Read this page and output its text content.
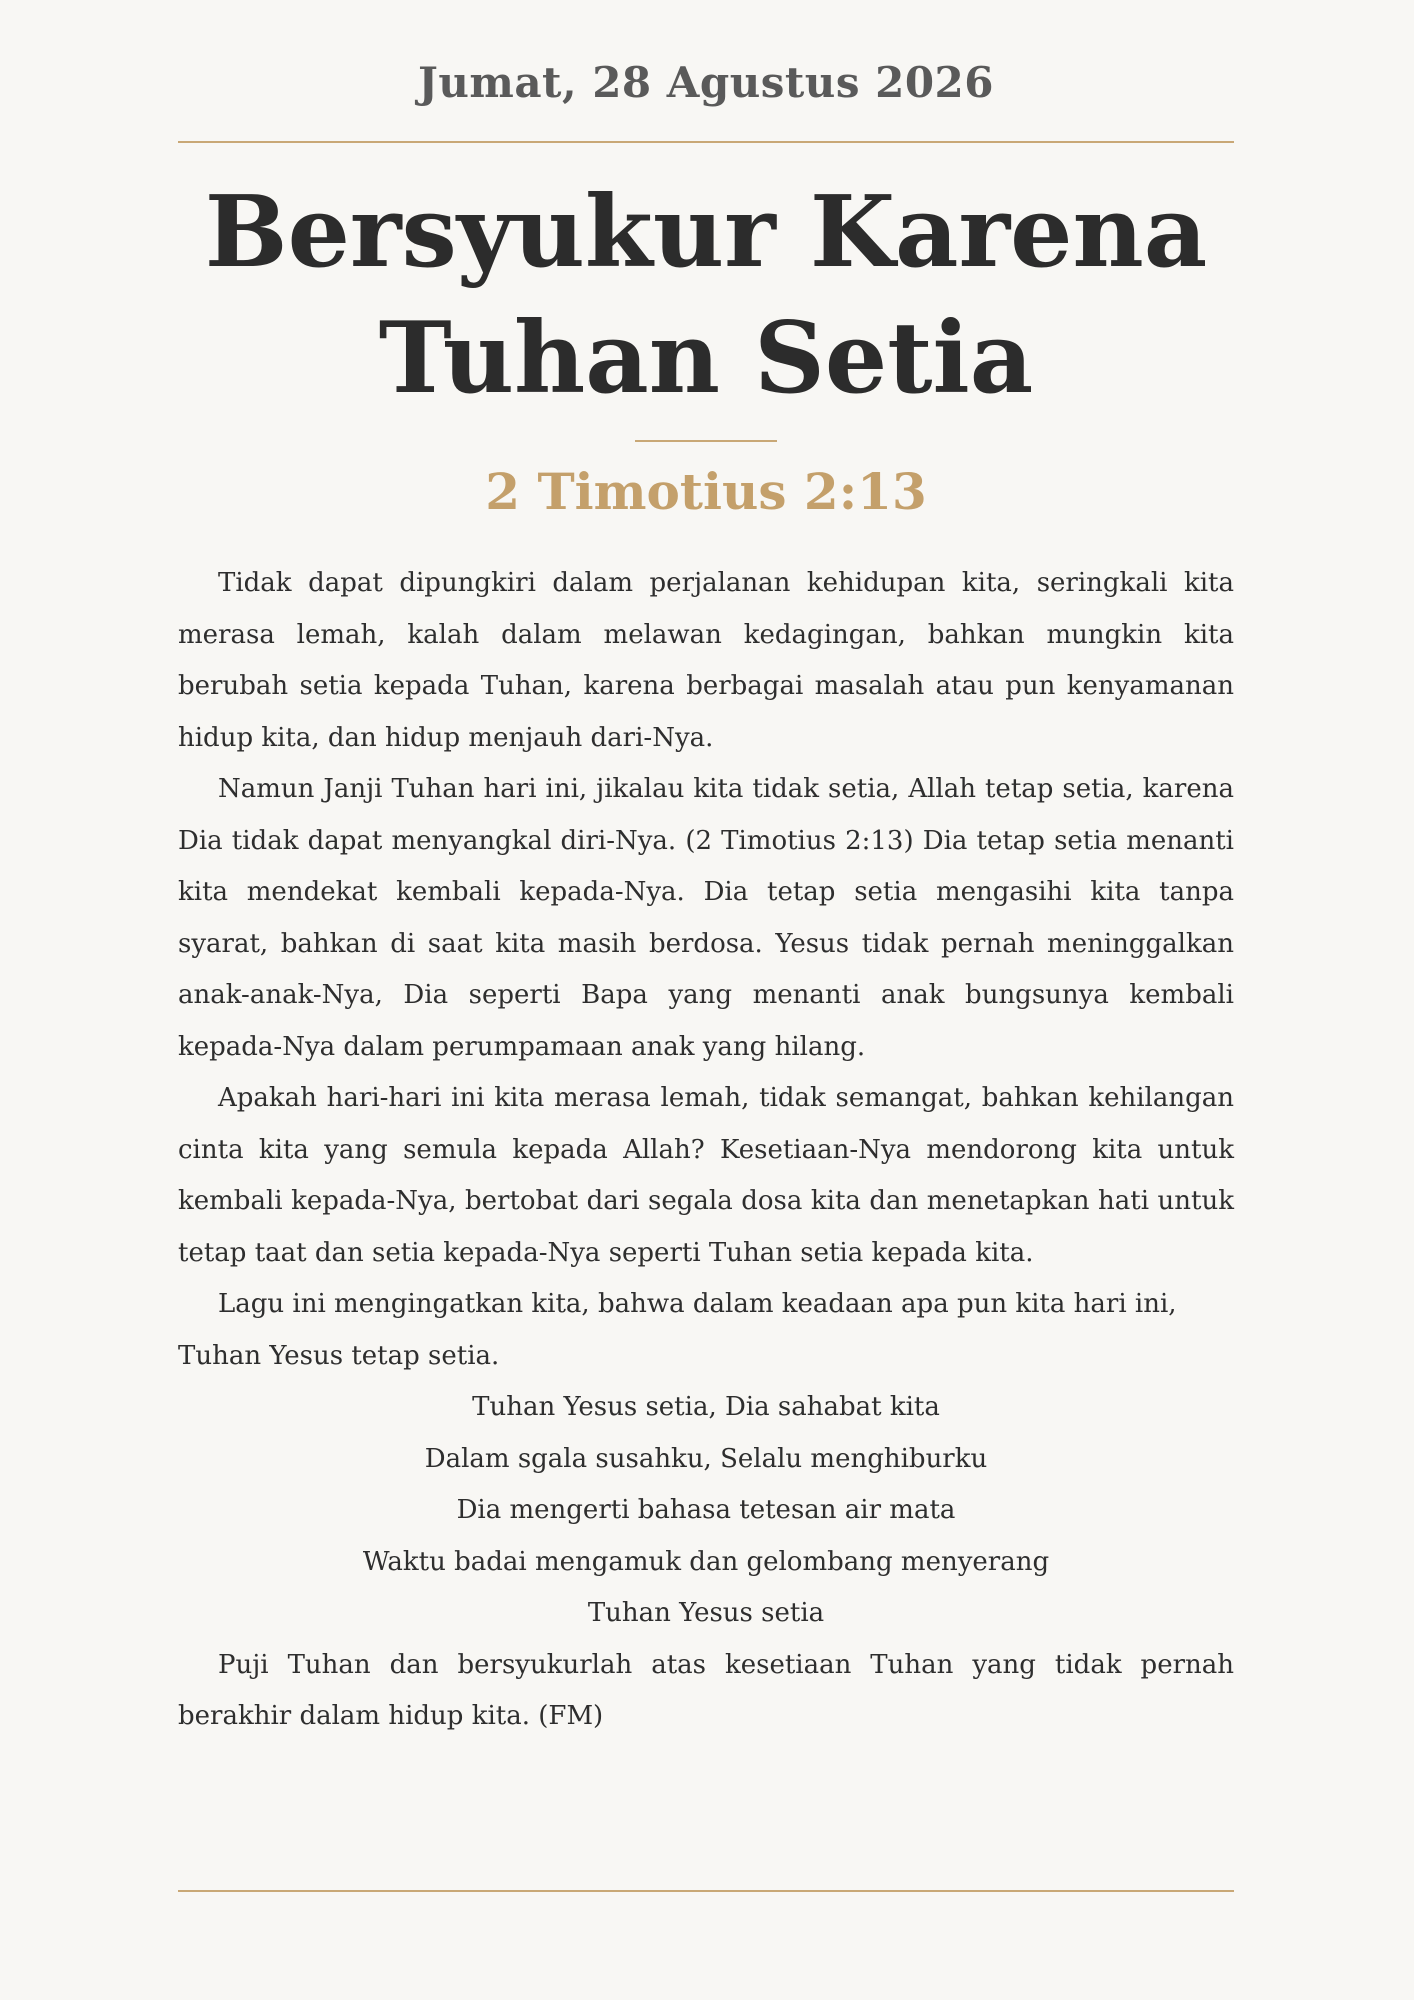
Jumat, 28 Agustus 2026
Bersyukur Karena
Tuhan Setia
2 Timotius 2:13

Tidak dapat dipungkiri dalam perjalanan kehidupan kita, seringkali kita merasa lemah, kalah dalam melawan kedagingan, bahkan mungkin kita berubah setia kepada Tuhan, karena berbagai masalah atau pun kenyamanan hidup kita, dan hidup menjauh dari-Nya.

Namun Janji Tuhan hari ini, jikalau kita tidak setia, Allah tetap setia, karena Dia tidak dapat menyangkal diri-Nya. (2 Timotius 2:13) Dia tetap setia menanti kita mendekat kembali kepada-Nya. Dia tetap setia mengasihi kita tanpa syarat, bahkan di saat kita masih berdosa. Yesus tidak pernah meninggalkan anak-anak-Nya, Dia seperti Bapa yang menanti anak bungsunya kembali kepada-Nya dalam perumpamaan anak yang hilang.

Apakah hari-hari ini kita merasa lemah, tidak semangat, bahkan kehilangan cinta kita yang semula kepada Allah? Kesetiaan-Nya mendorong kita untuk kembali kepada-Nya, bertobat dari segala dosa kita dan menetapkan hati untuk tetap taat dan setia kepada-Nya seperti Tuhan setia kepada kita.

Lagu ini mengingatkan kita, bahwa dalam keadaan apa pun kita hari ini, Tuhan Yesus tetap setia.

Tuhan Yesus setia, Dia sahabat kita

Dalam sgala susahku, Selalu menghiburku

Dia mengerti bahasa tetesan air mata

Waktu badai mengamuk dan gelombang menyerang

Tuhan Yesus setia

Puji Tuhan dan bersyukurlah atas kesetiaan Tuhan yang tidak pernah berakhir dalam hidup kita. (FM)
